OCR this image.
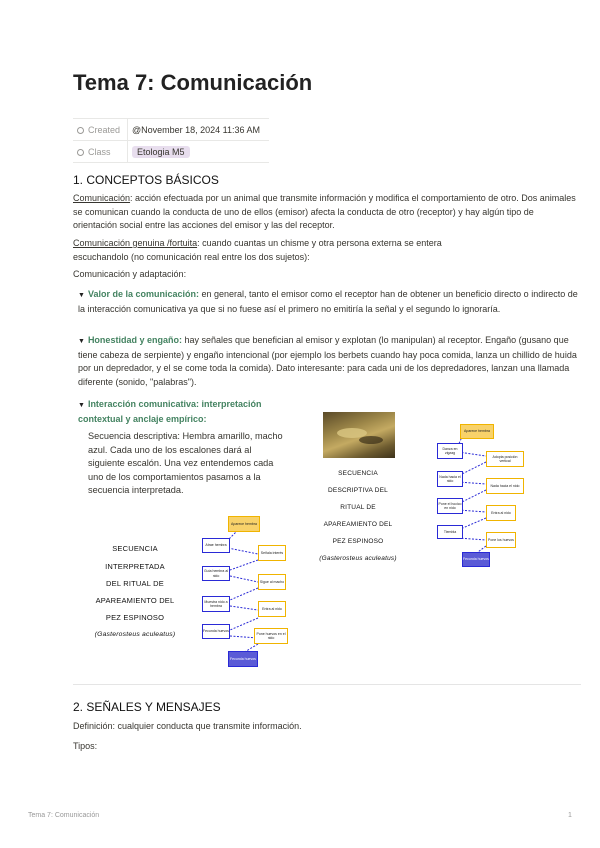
Tema 7: Comunicación
Created	@November 18, 2024 11:36 AM
Class	Etologia M5
1. CONCEPTOS BÁSICOS

Comunicación: acción efectuada por un animal que transmite información y modifica el comportamiento de otro. Dos animales se comunican cuando la conducta de uno de ellos (emisor) afecta la conducta de otro (receptor) y hay algún tipo de orientación social entre las acciones del emisor y las del receptor.

Comunicación genuina /fortuita: cuando cuantas un chisme y otra persona externa se entera escuchandolo (no comunicación real entre los dos sujetos):

Comunicación y adaptación:

▼ Valor de la comunicación: en general, tanto el emisor como el receptor han de obtener un beneficio directo o indirecto de la interacción comunicativa ya que si no fuese así el primero no emitiría la señal y el segundo lo ignoraría.

▼ Honestidad y engaño: hay señales que benefician al emisor y explotan (lo manipulan) al receptor. Engaño (gusano que tiene cabeza de serpiente) y engaño intencional (por ejemplo los berbets cuando hay poca comida, lanza un chillido de huida por un depredador, y el se come toda la comida). Dato interesante: para cada uni de los depredadores, lanzan una llamada diferente (sonido, "palabras").

▼ Interacción comunicativa: interpretación contextual y anclaje empírico:

Secuencia descriptiva: Hembra amarillo, macho azul. Cada uno de los escalones dará al siguiente escalón. Una vez entendemos cada uno de los comportamientos pasamos a la secuencia interpretada.

SECUENCIA
DESCRIPTIVA DEL
RITUAL DE
APAREAMIENTO DEL
PEZ ESPINOSO
(Gasterosteus aculeatus)
Aparece hembra
Danza en zigzag
Adopta posición vertical
Nada hacia el nido
Nada hacia el nido
Pone el hocico en nido
Entra al nido
Tiembla
Pone los huevos
Fecunda huevos
SECUENCIA
INTERPRETADA
DEL RITUAL DE
APAREAMIENTO DEL
PEZ ESPINOSO
(Gasterosteus aculeatus)
Aparece hembra
Atrae hembra
Señala interés
Guía hembra al nido
Sigue al macho
Muestra nido a hembra
Entra al nido
Fecunda huevos
Pone huevos en el nido
Fecunda huevos
2. SEÑALES Y MENSAJES

Definición: cualquier conducta que transmite información.

Tipos:

Tema 7: Comunicación	1
